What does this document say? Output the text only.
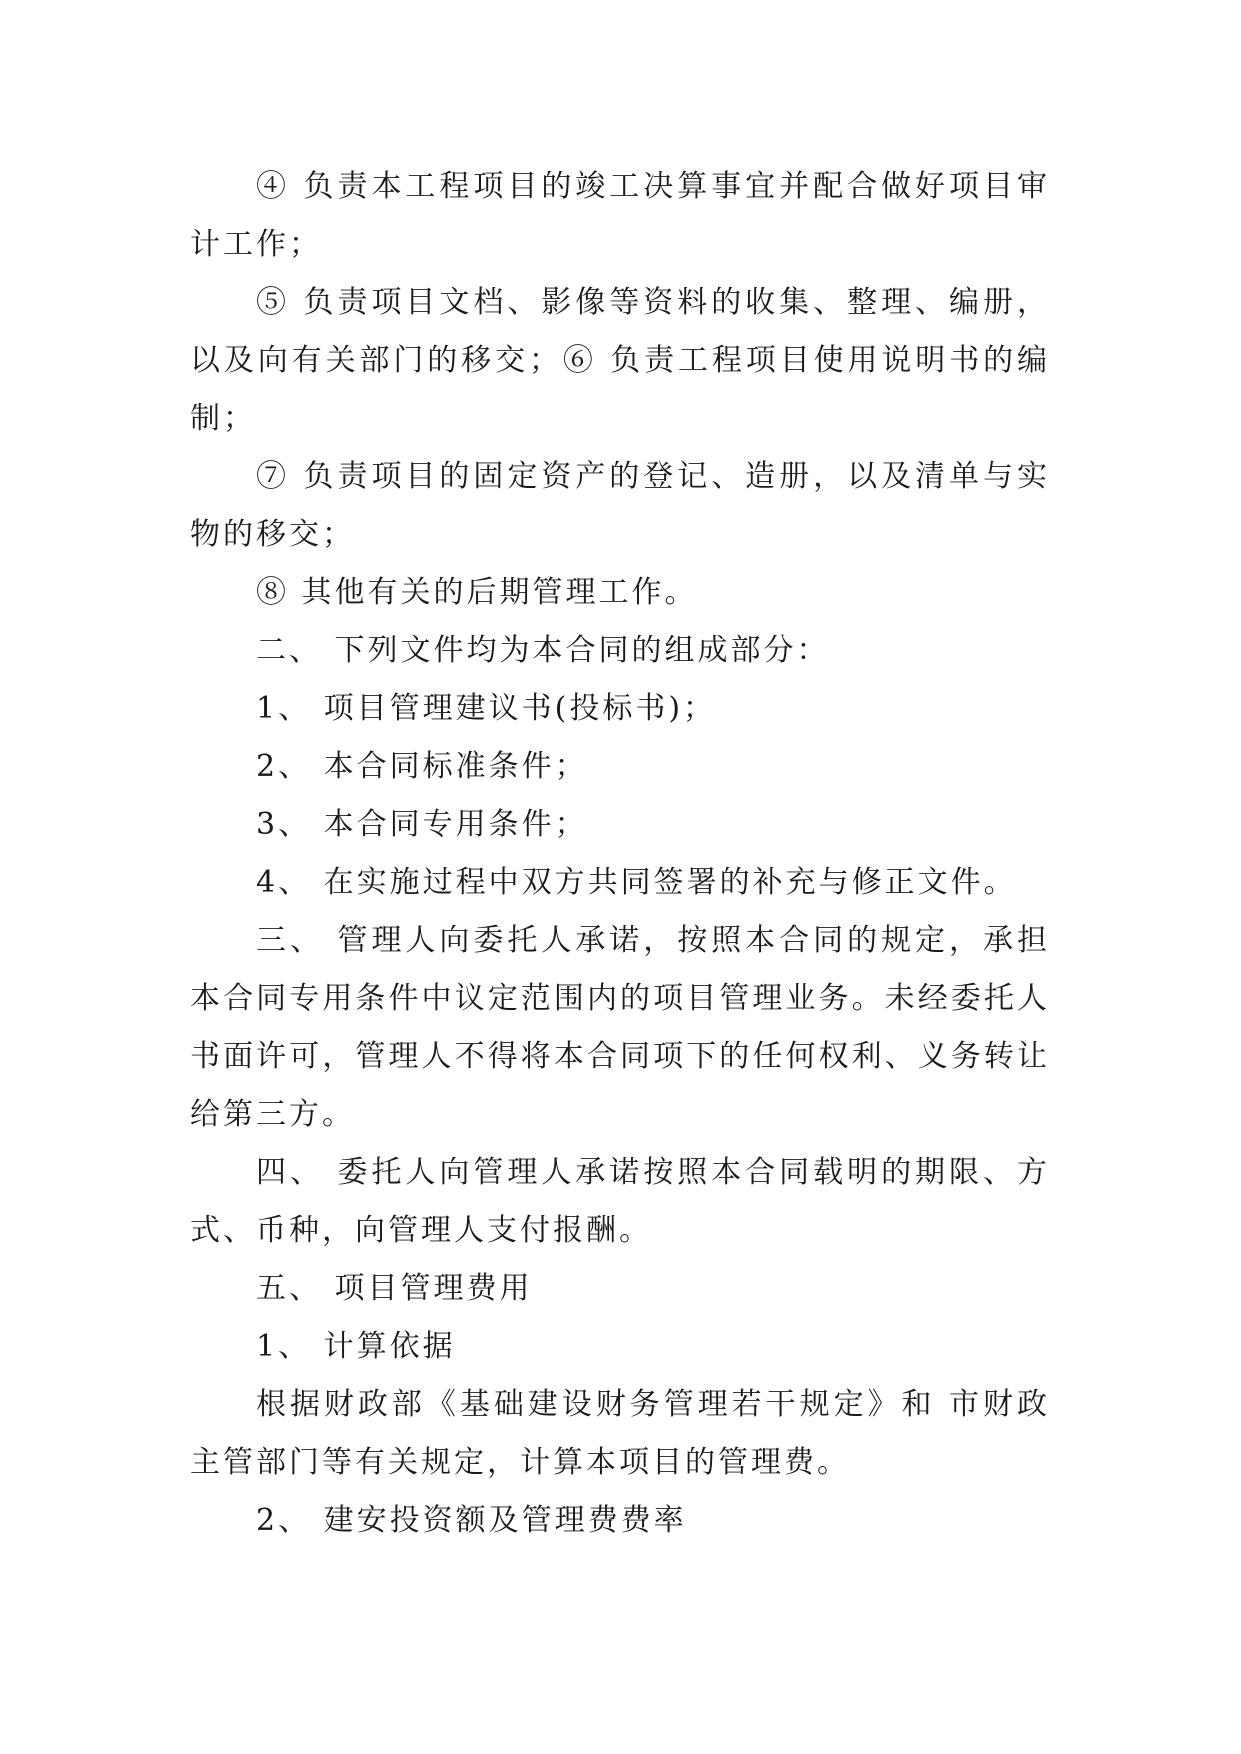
④ 负责本工程项目的竣工决算事宜并配合做好项目审计工作；

⑤ 负责项目文档、影像等资料的收集、整理、编册，以及向有关部门的移交；⑥ 负责工程项目使用说明书的编制；

⑦ 负责项目的固定资产的登记、造册，以及清单与实物的移交；

⑧ 其他有关的后期管理工作。

二、 下列文件均为本合同的组成部分：

1、 项目管理建议书(投标书)；

2、 本合同标准条件；

3、 本合同专用条件；

4、 在实施过程中双方共同签署的补充与修正文件。

三、 管理人向委托人承诺，按照本合同的规定，承担本合同专用条件中议定范围内的项目管理业务。未经委托人书面许可，管理人不得将本合同项下的任何权利、义务转让给第三方。

四、 委托人向管理人承诺按照本合同载明的期限、方式、币种，向管理人支付报酬。

五、 项目管理费用

1、 计算依据

根据财政部《基础建设财务管理若干规定》和 市财政主管部门等有关规定，计算本项目的管理费。

2、 建安投资额及管理费费率
